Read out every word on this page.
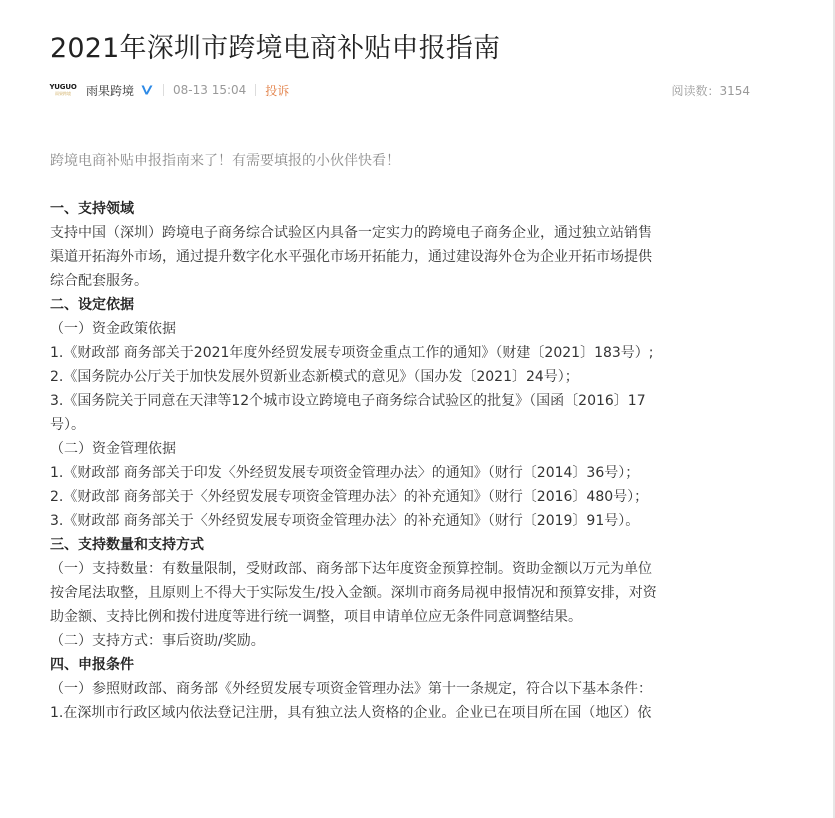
2021年深圳市跨境电商补贴申报指南
YUGUO
雨果跨境 雨果跨境	08-13 15:04 投诉	阅读数：3154
跨境电商补贴申报指南来了！有需要填报的小伙伴快看！
一、支持领域
支持中国（深圳）跨境电子商务综合试验区内具备一定实力的跨境电子商务企业，通过独立站销售
渠道开拓海外市场，通过提升数字化水平强化市场开拓能力，通过建设海外仓为企业开拓市场提供
综合配套服务。
二、设定依据
（一）资金政策依据
1.《财政部 商务部关于2021年度外经贸发展专项资金重点工作的通知》（财建〔2021〕183号）;
2.《国务院办公厅关于加快发展外贸新业态新模式的意见》（国办发〔2021〕24号）；
3.《国务院关于同意在天津等12个城市设立跨境电子商务综合试验区的批复》（国函〔2016〕17
号）。
（二）资金管理依据
1.《财政部 商务部关于印发〈外经贸发展专项资金管理办法〉的通知》（财行〔2014〕36号）；
2.《财政部 商务部关于〈外经贸发展专项资金管理办法〉的补充通知》（财行〔2016〕480号）；
3.《财政部 商务部关于〈外经贸发展专项资金管理办法〉的补充通知》（财行〔2019〕91号）。
三、支持数量和支持方式
（一）支持数量：有数量限制，受财政部、商务部下达年度资金预算控制。资助金额以万元为单位
按舍尾法取整，且原则上不得大于实际发生/投入金额。深圳市商务局视申报情况和预算安排，对资
助金额、支持比例和拨付进度等进行统一调整，项目申请单位应无条件同意调整结果。
（二）支持方式：事后资助/奖励。
四、申报条件
（一）参照财政部、商务部《外经贸发展专项资金管理办法》第十一条规定，符合以下基本条件：
1.在深圳市行政区域内依法登记注册，具有独立法人资格的企业。企业已在项目所在国（地区）依
